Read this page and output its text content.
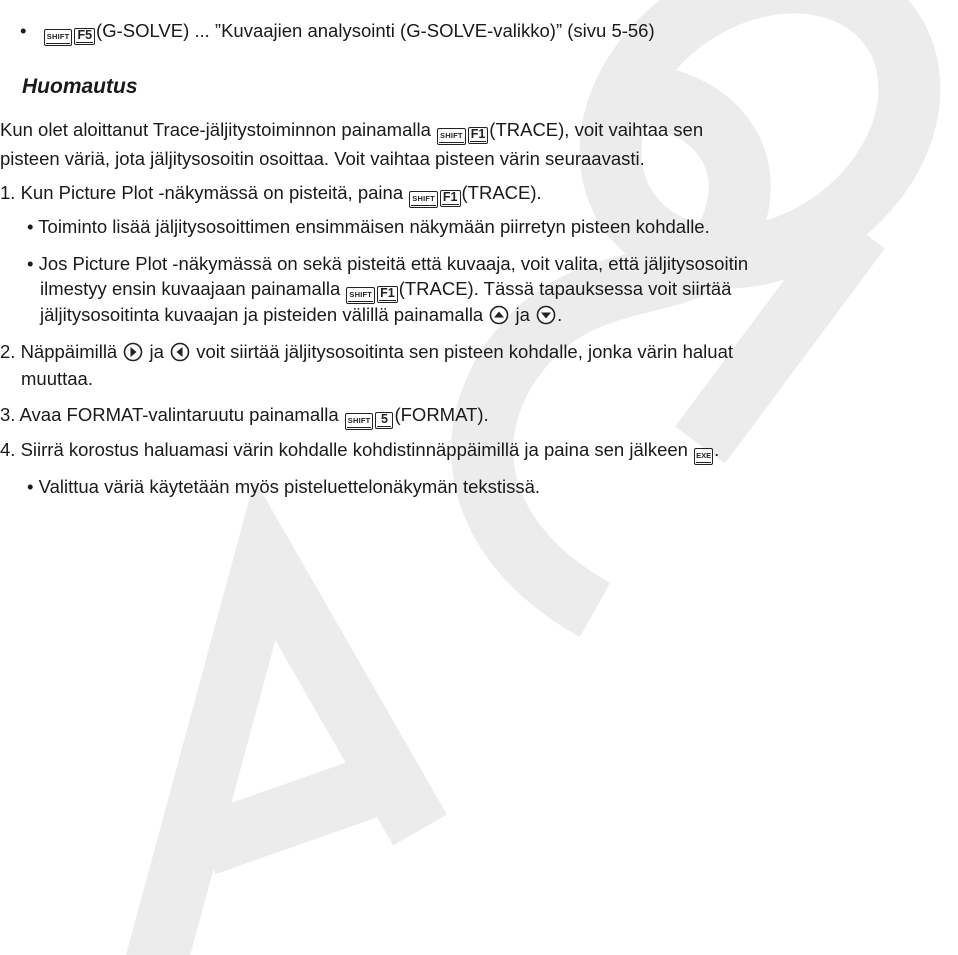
•	SHIFT F5 (G-SOLVE) ... ”Kuvaajien analysointi (G-SOLVE-valikko)” (sivu 5-56)
Huomautus
Kun olet aloittanut Trace-jäljitystoiminnon painamalla SHIFT F1 (TRACE), voit vaihtaa sen
pisteen väriä, jota jäljitysosoitin osoittaa. Voit vaihtaa pisteen värin seuraavasti.
1. Kun Picture Plot -näkymässä on pisteitä, paina SHIFT F1 (TRACE).
• Toiminto lisää jäljitysosoittimen ensimmäisen näkymään piirretyn pisteen kohdalle.
• Jos Picture Plot -näkymässä on sekä pisteitä että kuvaaja, voit valita, että jäljitysosoitin
ilmestyy ensin kuvaajaan painamalla SHIFT F1 (TRACE). Tässä tapauksessa voit siirtää
jäljitysosoitinta kuvaajan ja pisteiden välillä painamalla ja .
2. Näppäimillä ja voit siirtää jäljitysosoitinta sen pisteen kohdalle, jonka värin haluat
muuttaa.
3. Avaa FORMAT-valintaruutu painamalla SHIFT 5 (FORMAT).
4. Siirrä korostus haluamasi värin kohdalle kohdistinnäppäimillä ja paina sen jälkeen EXE .
• Valittua väriä käytetään myös pisteluettelonäkymän tekstissä.
